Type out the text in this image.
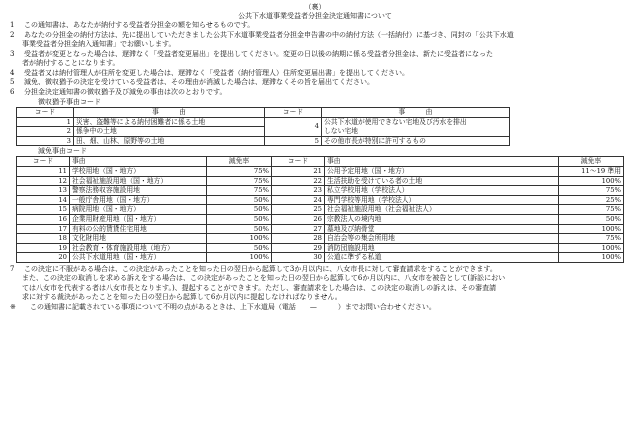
（裏）
公共下水道事業受益者分担金決定通知書について
1	この通知書は、あなたが納付する受益者分担金の額を知らせるものです。
2	あなたの分担金の納付方法は、先に提出していただきました公共下水道事業受益者分担金申告書の中の納付方法（一括納付）に基づき、同封の「公共下水道
事業受益者分担金納入通知書」でお願いします。
3	受益者が変更となった場合は、遅滞なく「受益者変更届出」を提出してください。変更の日以後の納期に係る受益者分担金は、新たに受益者になった
者が納付することになります。
4	受益者又は納付管理人が住所を変更した場合は、遅滞なく「受益者（納付管理人）住所変更届出書」を提出してください。
5	減免、徴収猶予の決定を受けている受益者は、その理由が消滅した場合は、遅滞なくその旨を届出てください。
6	分担金決定通知書の徴収猶予及び減免の事由は次のとおりです。
徴収猶予事由コード
コード	事　　　由	コード	事　　　由
1	災害、盗難等による納付困難者に係る土地	4	公共下水道が使用できない宅地及び汚水を排出
しない宅地
2	係争中の土地		
3	田、畑、山林、原野等の土地	5	その他市長が特別に許可するもの
減免事由コード
コード	事由	減免率	コード	事由	減免率
11	学校用地（国・地方）	75%	21	公用予定用地（国・地方）	11～19 準用
12	社会福祉施設用地（国・地方）	75%	22	生活扶助を受けている者の土地	100%
13	警察法務収容施設用地	75%	23	私立学校用地（学校法人）	75%
14	一般庁舎用地（国・地方）	50%	24	専門学校等用地（学校法人）	25%
15	病院用地（国・地方）	50%	25	社会福祉施設用地（社会福祉法人）	75%
16	企業用財産用地（国・地方）	50%	26	宗教法人の境内地	50%
17	有料の公的賃貸住宅用地	50%	27	墓地及び納骨堂	100%
18	文化財用地	100%	28	自治会等の集会所用地	75%
19	社会教育・体育施設用地（地方）	50%	29	消防団施設用地	100%
20	公共下水道用地（国・地方）	100%	30	公道に準ずる私道	100%
7	この決定に不服がある場合は、この決定があったことを知った日の翌日から起算して3か月以内に、八女市長に対して審査請求をすることができます。
また、この決定の取消しを求める訴えをする場合は、この決定があったことを知った日の翌日から起算して6か月以内に、八女市を被告として(訴訟におい
ては八女市を代表する者は八女市長となります。)、提起することができます。ただし、審査請求をした場合は、この決定の取消しの訴えは、その審査請
求に対する裁決があったことを知った日の翌日から起算して6か月以内に提起しなければなりません。
※	この通知書に記載されている事項について不明の点があるときは、上下水道局（電話　　—　　　）までお問い合わせください。
